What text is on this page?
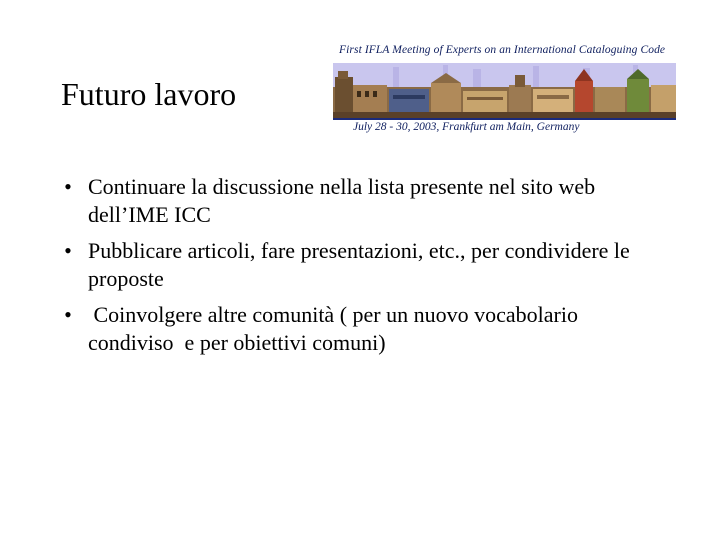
Futuro lavoro
First IFLA Meeting of Experts on an International Cataloguing Code
July 28 - 30, 2003, Frankfurt am Main, Germany
• Continuare la discussione nella lista presente nel sito web dell’IME ICC
• Pubblicare articoli, fare presentazioni, etc., per condividere le proposte
• Coinvolgere altre comunità ( per un nuovo vocabolario condiviso  e per obiettivi comuni)
